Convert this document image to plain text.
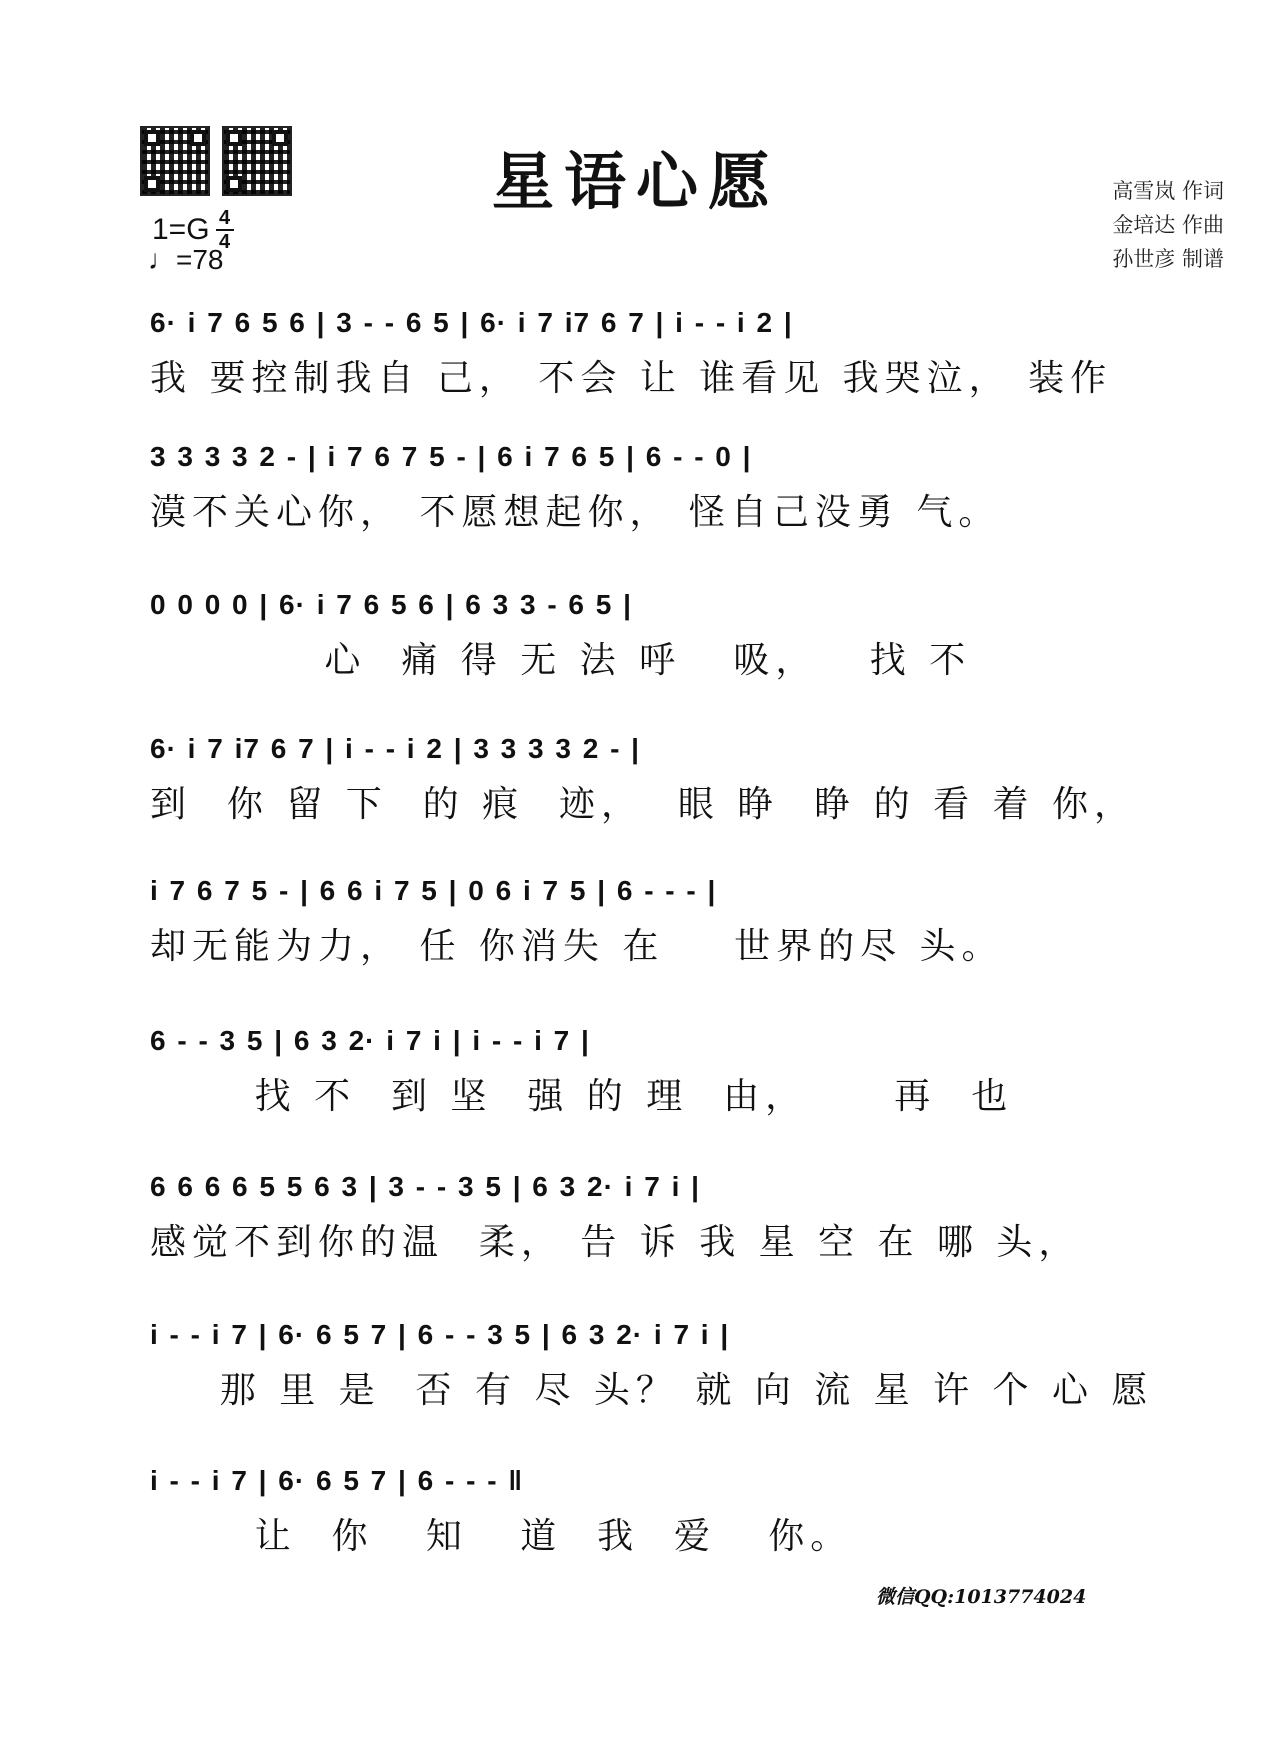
星语心愿
1=G 4
4
♩=78
高雪岚 作词
金培达 作曲
孙世彦 制谱
6· i 7 6 5 6 | 3 - - 6 5 | 6· i 7 i7 6 7 | i - - i 2 |
我 要控制我自 己， 不会 让 谁看见 我哭泣， 装作
3 3 3 3 2 - | i 7 6 7 5 - | 6 i 7 6 5 | 6 - - 0 |
漠不关心你， 不愿想起你， 怪自己没勇 气。
0 0 0 0 | 6· i 7 6 5 6 | 6 3 3 - 6 5 |
心  痛 得 无 法 呼   吸，   找 不
6· i 7 i7 6 7 | i - - i 2 | 3 3 3 3 2 - |
到  你 留 下  的 痕  迹，  眼 睁  睁 的 看 着 你，
i 7 6 7 5 - | 6 6 i 7 5 | 0 6 i 7 5 | 6 - - - |
却无能为力， 任 你消失 在    世界的尽 头。
6 - - 3 5 | 6 3 2· i 7 i | i - - i 7 |
找 不  到 坚  强 的 理  由，     再  也
6 6 6 6 5 5 6 3 | 3 - - 3 5 | 6 3 2· i 7 i |
感觉不到你的温  柔， 告 诉 我 星 空 在 哪 头，
i - - i 7 | 6· 6 5 7 | 6 - - 3 5 | 6 3 2· i 7 i |
那 里 是  否 有 尽 头？ 就 向 流 星 许 个 心 愿
i - - i 7 | 6· 6 5 7 | 6 - - - ‖
让  你   知   道  我  爱   你。
微信QQ:1013774024
